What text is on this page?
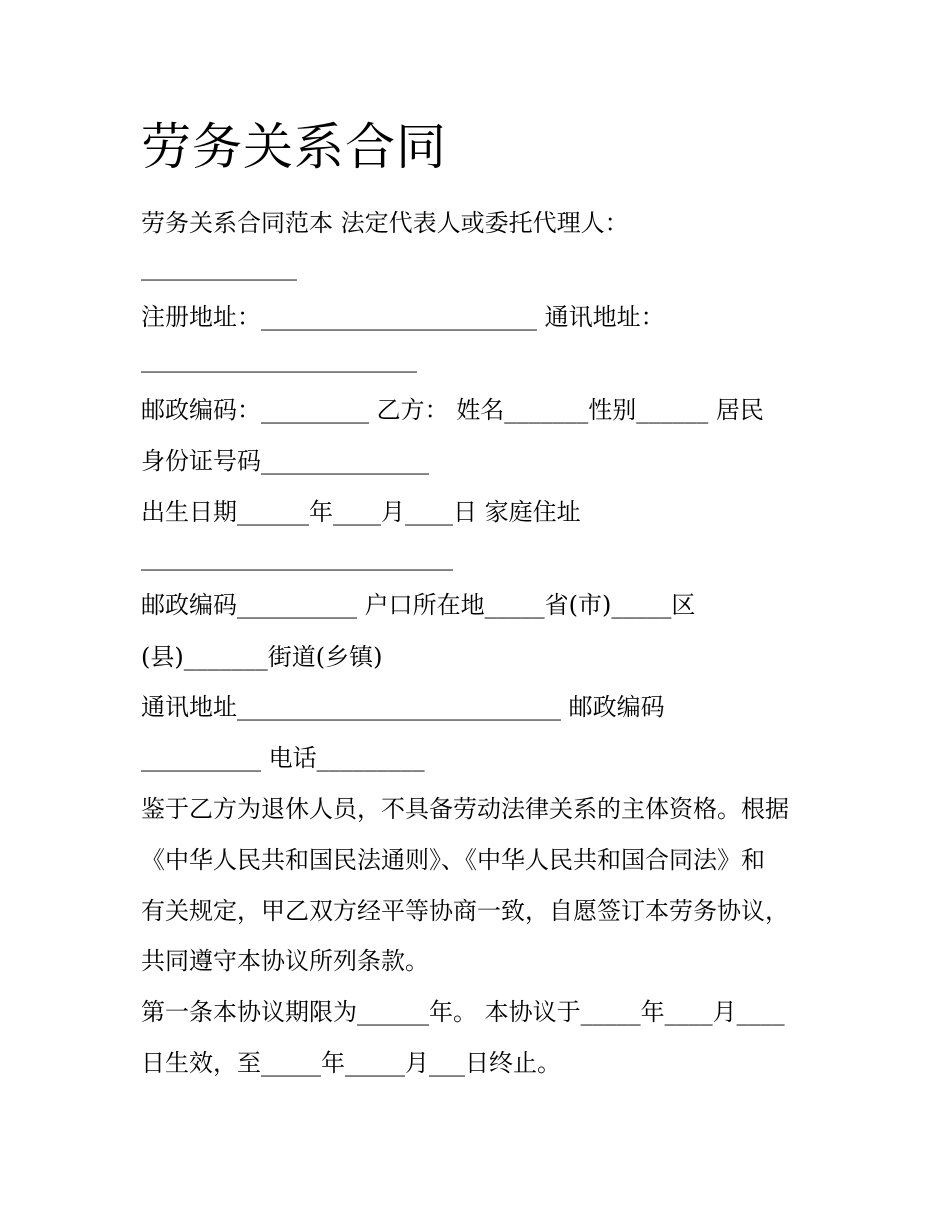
劳务关系合同
劳务关系合同范本 法定代表人或委托代理人：
_____________
注册地址：_______________________ 通讯地址：
_______________________
邮政编码：_________ 乙方： 姓名_______性别______ 居民
身份证号码______________
出生日期______年____月____日 家庭住址
__________________________
邮政编码__________ 户口所在地_____省(市)_____区
(县)_______街道(乡镇)
通讯地址___________________________ 邮政编码
__________ 电话_________
鉴于乙方为退休人员，不具备劳动法律关系的主体资格。根据
《中华人民共和国民法通则》、《中华人民共和国合同法》和
有关规定，甲乙双方经平等协商一致，自愿签订本劳务协议，
共同遵守本协议所列条款。
第一条本协议期限为______年。 本协议于_____年____月____
日生效，至_____年_____月___日终止。
